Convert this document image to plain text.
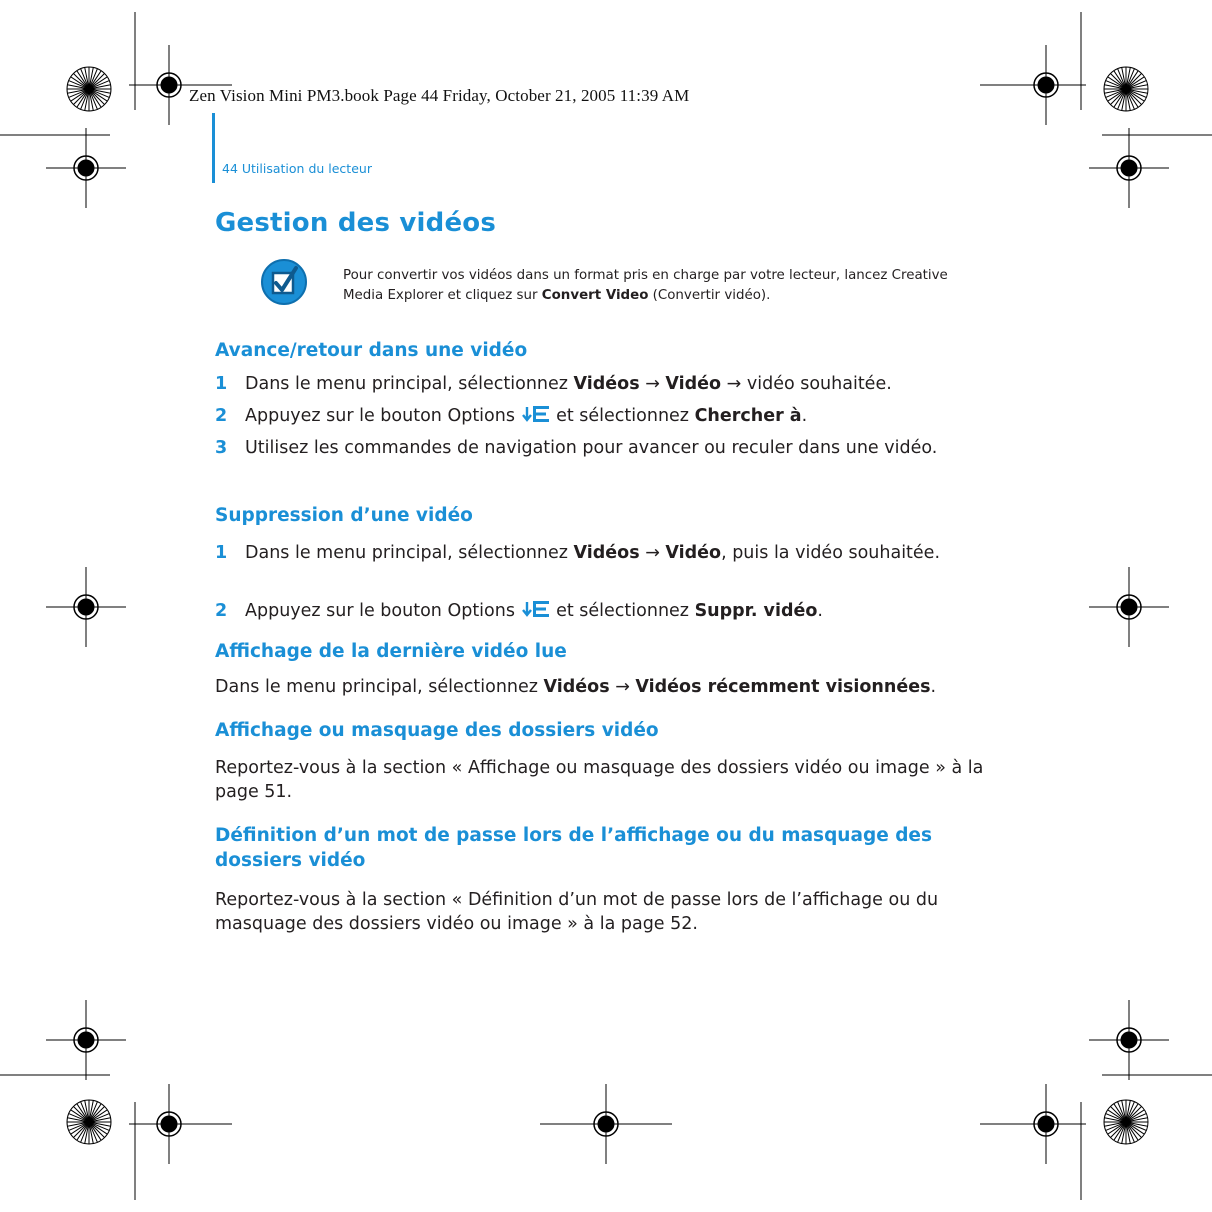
Zen Vision Mini PM3.book Page 44 Friday, October 21, 2005 11:39 AM
44 Utilisation du lecteur
Gestion des vidéos
Pour convertir vos vidéos dans un format pris en charge par votre lecteur, lancez Creative Media Explorer et cliquez sur Convert Video (Convertir vidéo).
Avance/retour dans une vidéo
1 Dans le menu principal, sélectionnez Vidéos → Vidéo → vidéo souhaitée.
2 Appuyez sur le bouton Options  et sélectionnez Chercher à.
3 Utilisez les commandes de navigation pour avancer ou reculer dans une vidéo.
Suppression d’une vidéo
1 Dans le menu principal, sélectionnez Vidéos → Vidéo, puis la vidéo souhaitée.
2 Appuyez sur le bouton Options  et sélectionnez Suppr. vidéo.
Affichage de la dernière vidéo lue
Dans le menu principal, sélectionnez Vidéos → Vidéos récemment visionnées.
Affichage ou masquage des dossiers vidéo
Reportez-vous à la section « Affichage ou masquage des dossiers vidéo ou image » à la page 51.
Définition d’un mot de passe lors de l’affichage ou du masquage des dossiers vidéo
Reportez-vous à la section « Définition d’un mot de passe lors de l’affichage ou du masquage des dossiers vidéo ou image » à la page 52.
